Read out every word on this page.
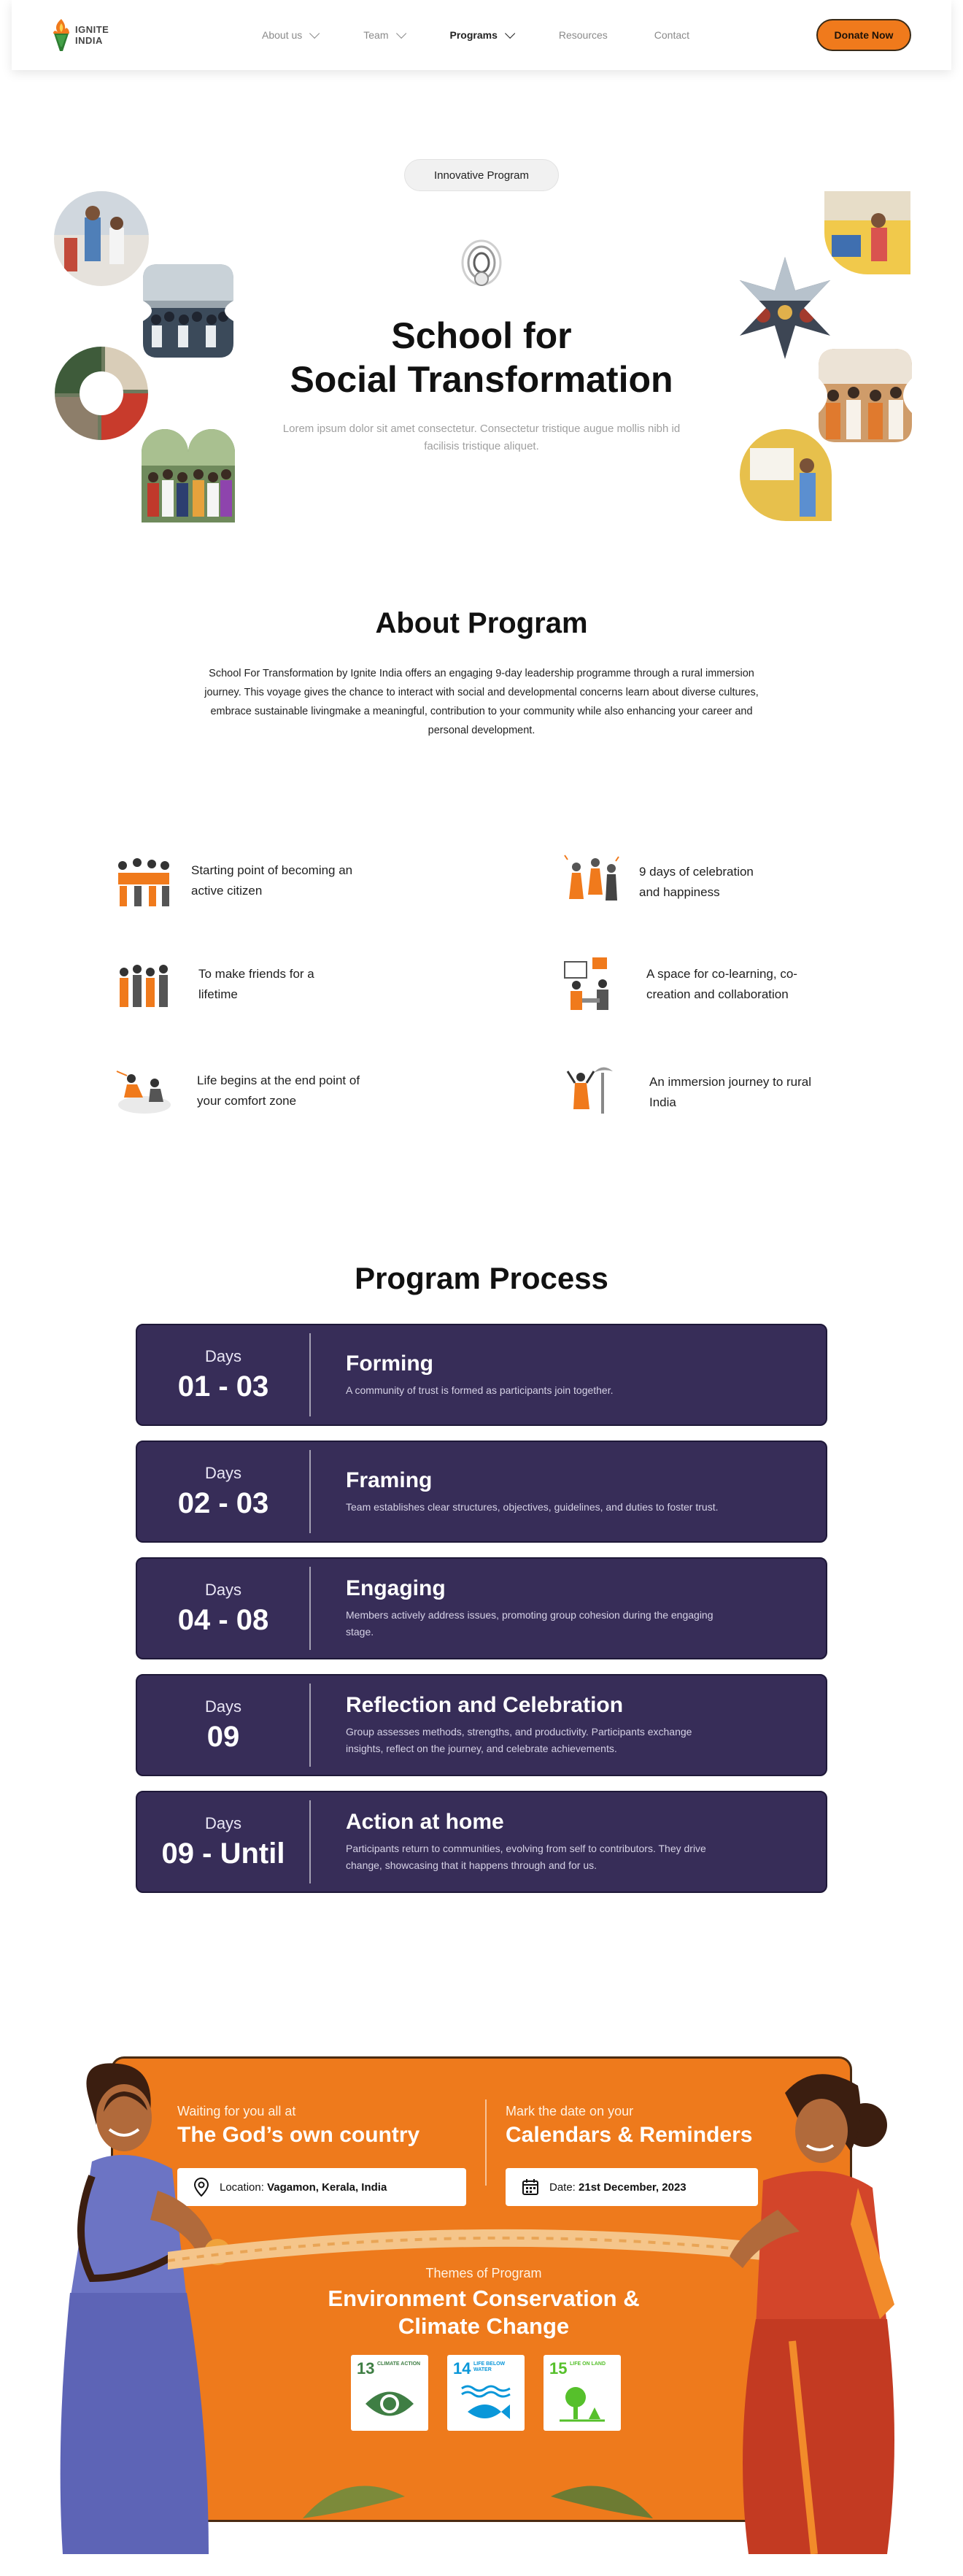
IGNITE
INDIA	About us	Team	Programs	Resources	Contact	Donate Now
Innovative Program
School for
Social Transformation

Lorem ipsum dolor sit amet consectetur. Consectetur tristique augue mollis nibh id facilisis tristique aliquet.

About Program

School For Transformation by Ignite India offers an engaging 9-day leadership programme through a rural immersion journey. This voyage gives the chance to interact with social and developmental concerns learn about diverse cultures, embrace sustainable livingmake a meaningful, contribution to your community while also enhancing your career and personal development.

Starting point of becoming an
active citizen
9 days of celebration
and happiness
To make friends for a
lifetime
A space for co-learning, co-
creation and collaboration
Life begins at the end point of
your comfort zone
An immersion journey to rural
India
Program Process
Days
01 - 03
Forming
A community of trust is formed as participants join together.
Days
02 - 03
Framing
Team establishes clear structures, objectives, guidelines, and duties to foster trust.
Days
04 - 08
Engaging
Members actively address issues, promoting group cohesion during the engaging stage.
Days
09
Reflection and Celebration
Group assesses methods, strengths, and productivity. Participants exchange insights, reflect on the journey, and celebrate achievements.
Days
09 - Until
Action at home
Participants return to communities, evolving from self to contributors. They drive change, showcasing that it happens through and for us.
Waiting for you all at
The God’s own country
Mark the date on your
Calendars & Reminders
Location: Vagamon, Kerala, India	Date: 21st December, 2023
Themes of Program
Environment Conservation &
Climate Change
13 CLIMATE ACTION 14 LIFE BELOW WATER	15 LIFE ON LAND
